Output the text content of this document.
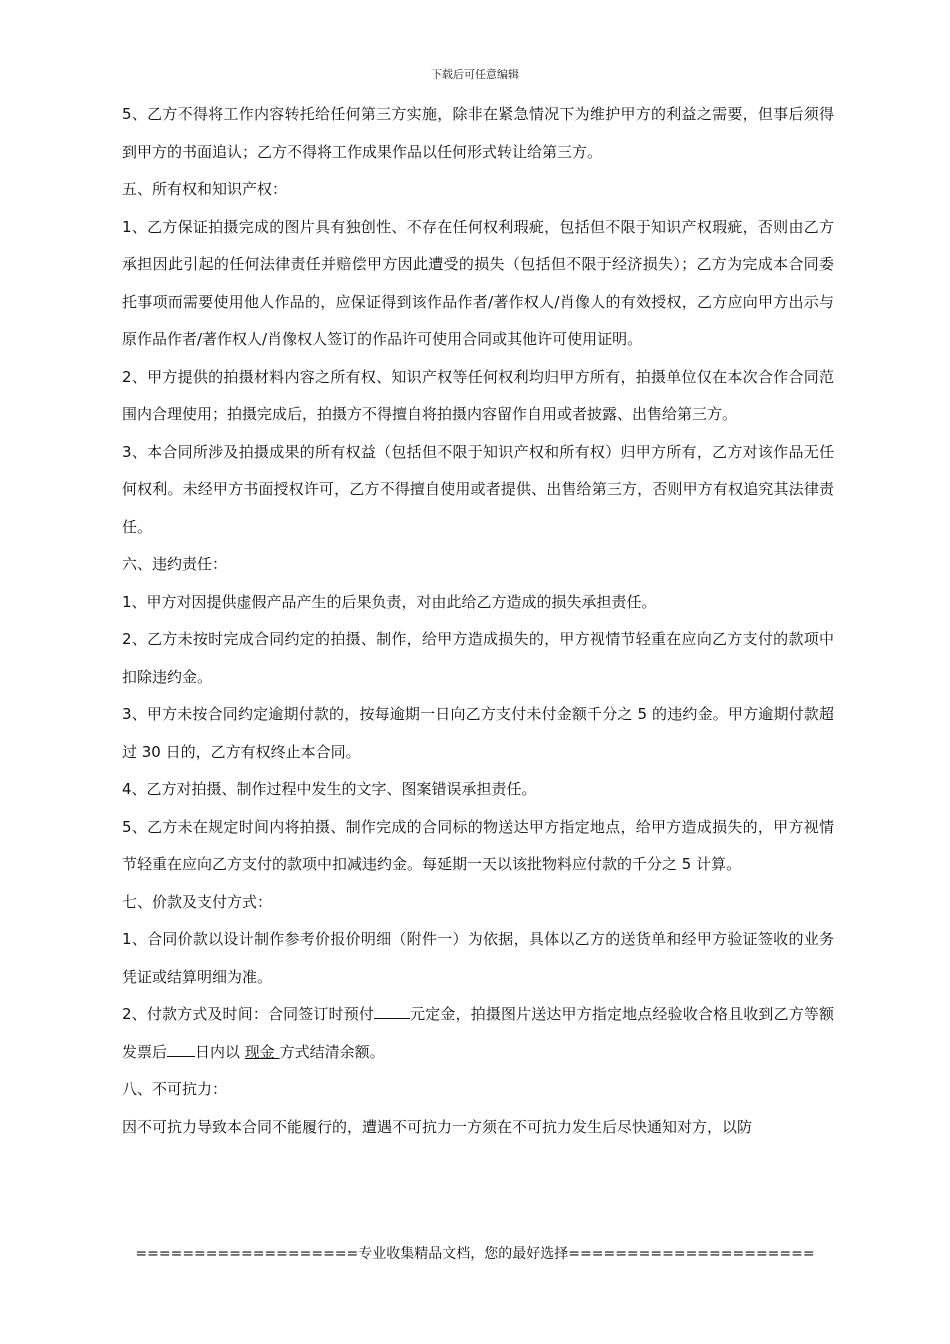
下载后可任意编辑

5、乙方不得将工作内容转托给任何第三方实施，除非在紧急情况下为维护甲方的利益之需要，但事后须得到甲方的书面追认；乙方不得将工作成果作品以任何形式转让给第三方。

五、所有权和知识产权：

1、乙方保证拍摄完成的图片具有独创性、不存在任何权利瑕疵，包括但不限于知识产权瑕疵，否则由乙方承担因此引起的任何法律责任并赔偿甲方因此遭受的损失（包括但不限于经济损失）；乙方为完成本合同委托事项而需要使用他人作品的，应保证得到该作品作者/著作权人/肖像人的有效授权，乙方应向甲方出示与原作品作者/著作权人/肖像权人签订的作品许可使用合同或其他许可使用证明。

2、甲方提供的拍摄材料内容之所有权、知识产权等任何权利均归甲方所有，拍摄单位仅在本次合作合同范围内合理使用；拍摄完成后，拍摄方不得擅自将拍摄内容留作自用或者披露、出售给第三方。

3、本合同所涉及拍摄成果的所有权益（包括但不限于知识产权和所有权）归甲方所有，乙方对该作品无任何权利。未经甲方书面授权许可，乙方不得擅自使用或者提供、出售给第三方，否则甲方有权追究其法律责任。

六、违约责任：

1、甲方对因提供虚假产品产生的后果负责，对由此给乙方造成的损失承担责任。

2、乙方未按时完成合同约定的拍摄、制作，给甲方造成损失的，甲方视情节轻重在应向乙方支付的款项中扣除违约金。

3、甲方未按合同约定逾期付款的，按每逾期一日向乙方支付未付金额千分之 5 的违约金。甲方逾期付款超过 30 日的，乙方有权终止本合同。

4、乙方对拍摄、制作过程中发生的文字、图案错误承担责任。

5、乙方未在规定时间内将拍摄、制作完成的合同标的物送达甲方指定地点，给甲方造成损失的，甲方视情节轻重在应向乙方支付的款项中扣减违约金。每延期一天以该批物料应付款的千分之 5 计算。

七、价款及支付方式：

1、合同价款以设计制作参考价报价明细（附件一）为依据，具体以乙方的送货单和经甲方验证签收的业务凭证或结算明细为准。

2、付款方式及时间：合同签订时预付 元定金，拍摄图片送达甲方指定地点经验收合格且收到乙方等额发票后 日内以 现金 方式结清余额。

八、不可抗力：

因不可抗力导致本合同不能履行的，遭遇不可抗力一方须在不可抗力发生后尽快通知对方，以防

===================专业收集精品文档，您的最好选择=====================
